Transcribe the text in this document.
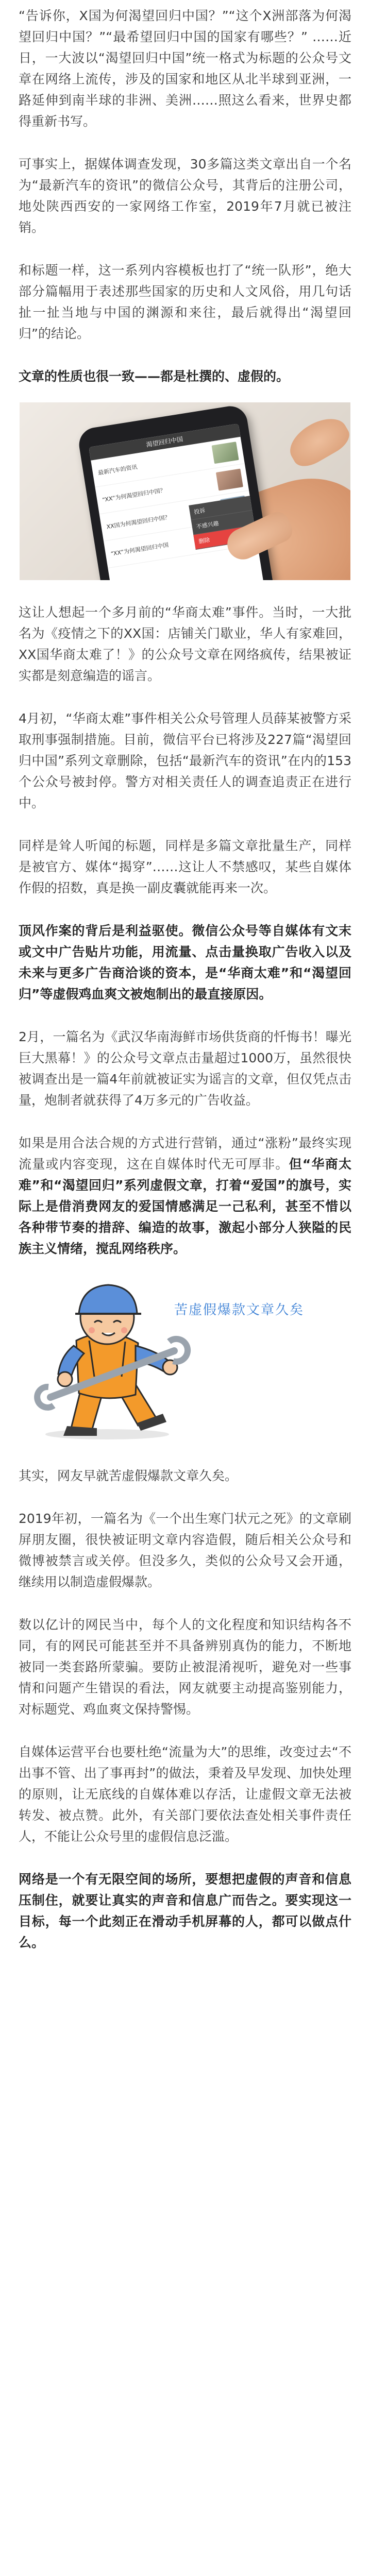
“告诉你，X国为何渴望回归中国？”“这个X洲部落为何渴望回归中国？”“最希望回归中国的国家有哪些？” ……近日，一大波以“渴望回归中国”统一格式为标题的公众号文章在网络上流传，涉及的国家和地区从北半球到亚洲，一路延伸到南半球的非洲、美洲……照这么看来，世界史都得重新书写。

可事实上，据媒体调查发现，30多篇这类文章出自一个名为“最新汽车的资讯”的微信公众号，其背后的注册公司，地处陕西西安的一家网络工作室，2019年7月就已被注销。

和标题一样，这一系列内容模板也打了“统一队形”，绝大部分篇幅用于表述那些国家的历史和人文风俗，用几句话扯一扯当地与中国的渊源和来往，最后就得出“渴望回归”的结论。

文章的性质也很一致——都是杜撰的、虚假的。

渴望回归中国
最新汽车的资讯
“XX”为何渴望回归中国？
XX国为何渴望回归中国？
“XX”为何渴望回归中国
投诉
不感兴趣
删除

这让人想起一个多月前的“华商太难”事件。当时，一大批名为《疫情之下的XX国：店铺关门歇业，华人有家难回，XX国华商太难了！》的公众号文章在网络疯传，结果被证实都是刻意编造的谣言。

4月初，“华商太难”事件相关公众号管理人员薛某被警方采取刑事强制措施。目前，微信平台已将涉及227篇“渴望回归中国”系列文章删除，包括“最新汽车的资讯”在内的153个公众号被封停。警方对相关责任人的调查追责正在进行中。

同样是耸人听闻的标题，同样是多篇文章批量生产，同样是被官方、媒体“揭穿”……这让人不禁感叹，某些自媒体作假的招数，真是换一副皮囊就能再来一次。

顶风作案的背后是利益驱使。微信公众号等自媒体有文末或文中广告贴片功能，用流量、点击量换取广告收入以及未来与更多广告商洽谈的资本，是“华商太难”和“渴望回归”等虚假鸡血爽文被炮制出的最直接原因。

2月，一篇名为《武汉华南海鲜市场供货商的忏悔书！曝光巨大黑幕！》的公众号文章点击量超过1000万，虽然很快被调查出是一篇4年前就被证实为谣言的文章，但仅凭点击量，炮制者就获得了4万多元的广告收益。

如果是用合法合规的方式进行营销，通过“涨粉”最终实现流量或内容变现，这在自媒体时代无可厚非。但“华商太难”和“渴望回归”系列虚假文章，打着“爱国”的旗号，实际上是借消费网友的爱国情感满足一己私利，甚至不惜以各种带节奏的措辞、编造的故事，激起小部分人狭隘的民族主义情绪，搅乱网络秩序。

苦虚假爆款文章久矣

其实，网友早就苦虚假爆款文章久矣。

2019年初，一篇名为《一个出生寒门状元之死》的文章刷屏朋友圈，很快被证明文章内容造假，随后相关公众号和微博被禁言或关停。但没多久，类似的公众号又会开通，继续用以制造虚假爆款。

数以亿计的网民当中，每个人的文化程度和知识结构各不同，有的网民可能甚至并不具备辨别真伪的能力，不断地被同一类套路所蒙骗。要防止被混淆视听，避免对一些事情和问题产生错误的看法，网友就要主动提高鉴别能力，对标题党、鸡血爽文保持警惕。

自媒体运营平台也要杜绝“流量为大”的思维，改变过去“不出事不管、出了事再封”的做法，秉着及早发现、加快处理的原则，让无底线的自媒体难以存活，让虚假文章无法被转发、被点赞。此外，有关部门要依法查处相关事件责任人，不能让公众号里的虚假信息泛滥。

网络是一个有无限空间的场所，要想把虚假的声音和信息压制住，就要让真实的声音和信息广而告之。要实现这一目标，每一个此刻正在滑动手机屏幕的人，都可以做点什么。
